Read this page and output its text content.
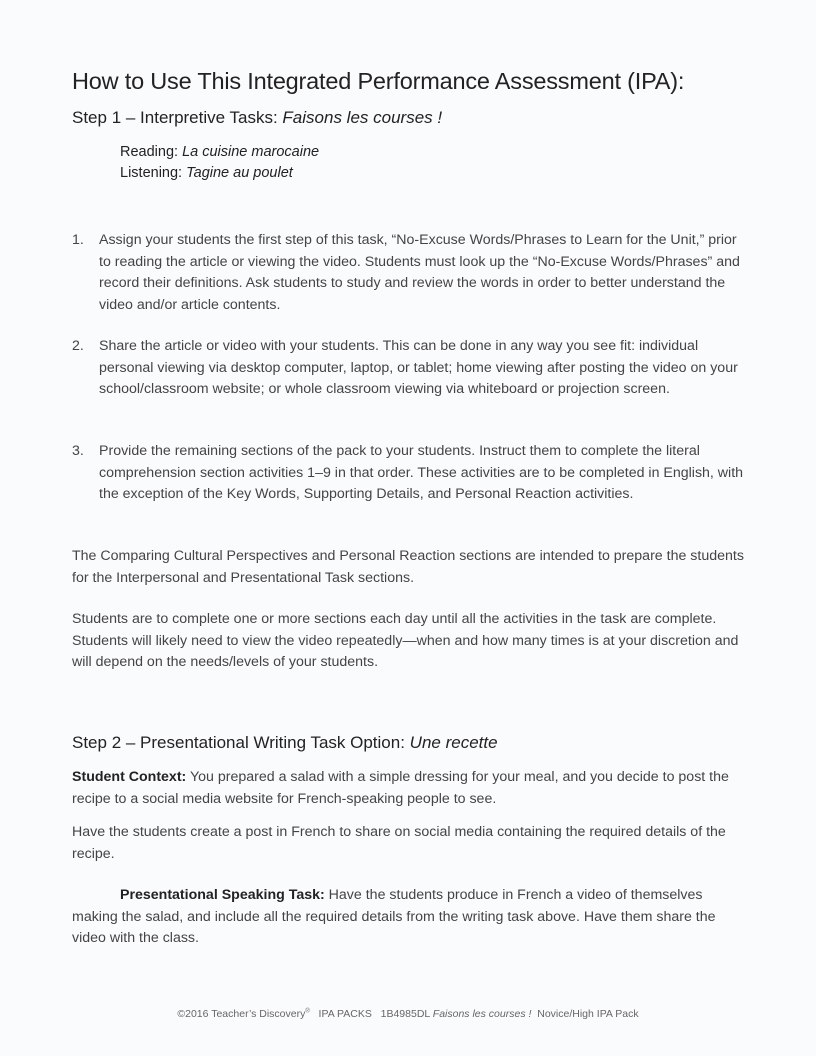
How to Use This Integrated Performance Assessment (IPA):
Step 1 – Interpretive Tasks: Faisons les courses !
Reading: La cuisine marocaine
Listening: Tagine au poulet
1. Assign your students the first step of this task, “No-Excuse Words/Phrases to Learn for the Unit,” prior to reading the article or viewing the video. Students must look up the “No-Excuse Words/Phrases” and record their definitions. Ask students to study and review the words in order to better understand the video and/or article contents.
2. Share the article or video with your students. This can be done in any way you see fit: individual personal viewing via desktop computer, laptop, or tablet; home viewing after posting the video on your school/classroom website; or whole classroom viewing via whiteboard or projection screen.
3. Provide the remaining sections of the pack to your students. Instruct them to complete the literal comprehension section activities 1–9 in that order. These activities are to be completed in English, with the exception of the Key Words, Supporting Details, and Personal Reaction activities.
The Comparing Cultural Perspectives and Personal Reaction sections are intended to prepare the students for the Interpersonal and Presentational Task sections.
Students are to complete one or more sections each day until all the activities in the task are complete. Students will likely need to view the video repeatedly—when and how many times is at your discretion and will depend on the needs/levels of your students.
Step 2 – Presentational Writing Task Option: Une recette
Student Context: You prepared a salad with a simple dressing for your meal, and you decide to post the recipe to a social media website for French-speaking people to see.
Have the students create a post in French to share on social media containing the required details of the recipe.
Presentational Speaking Task: Have the students produce in French a video of themselves making the salad, and include all the required details from the writing task above. Have them share the video with the class.
©2016 Teacher’s Discovery® IPA PACKS 1B4985DL Faisons les courses ! Novice/High IPA Pack
